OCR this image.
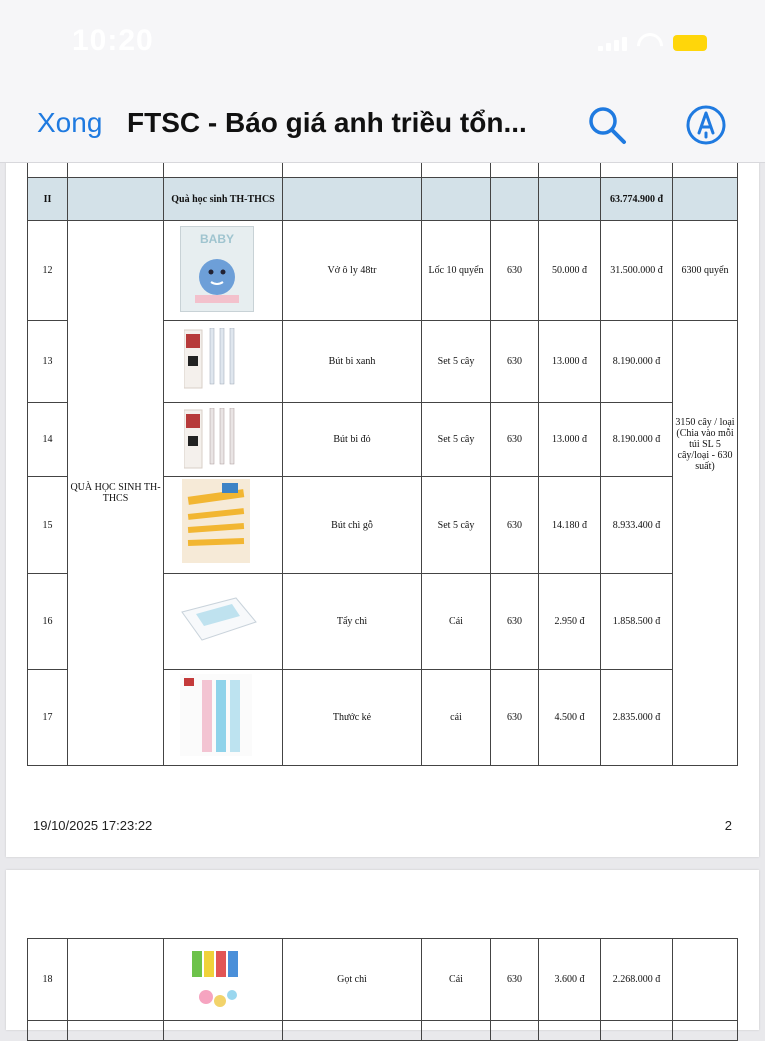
10:20
Xong FTSC - Báo giá anh triều tổn...

II		Quà học sinh TH-THCS					63.774.900 đ	
12	QUÀ HỌC SINH TH-THCS	BABY	Vở ô ly 48tr	Lốc 10 quyển	630	50.000 đ	31.500.000 đ	6300 quyển
13			Bút bi xanh	Set 5 cây	630	13.000 đ	8.190.000 đ	3150 cây / loại (Chia vào mỗi túi SL 5 cây/loại - 630 suất)
14			Bút bi đỏ	Set 5 cây	630	13.000 đ	8.190.000 đ	
15			Bút chì gỗ	Set 5 cây	630	14.180 đ	8.933.400 đ	
16			Tẩy chì	Cái	630	2.950 đ	1.858.500 đ	
17			Thước kẻ	cái	630	4.500 đ	2.835.000 đ	
19/10/2025 17:23:22	2
18			Gọt chì	Cái	630	3.600 đ	2.268.000 đ	
